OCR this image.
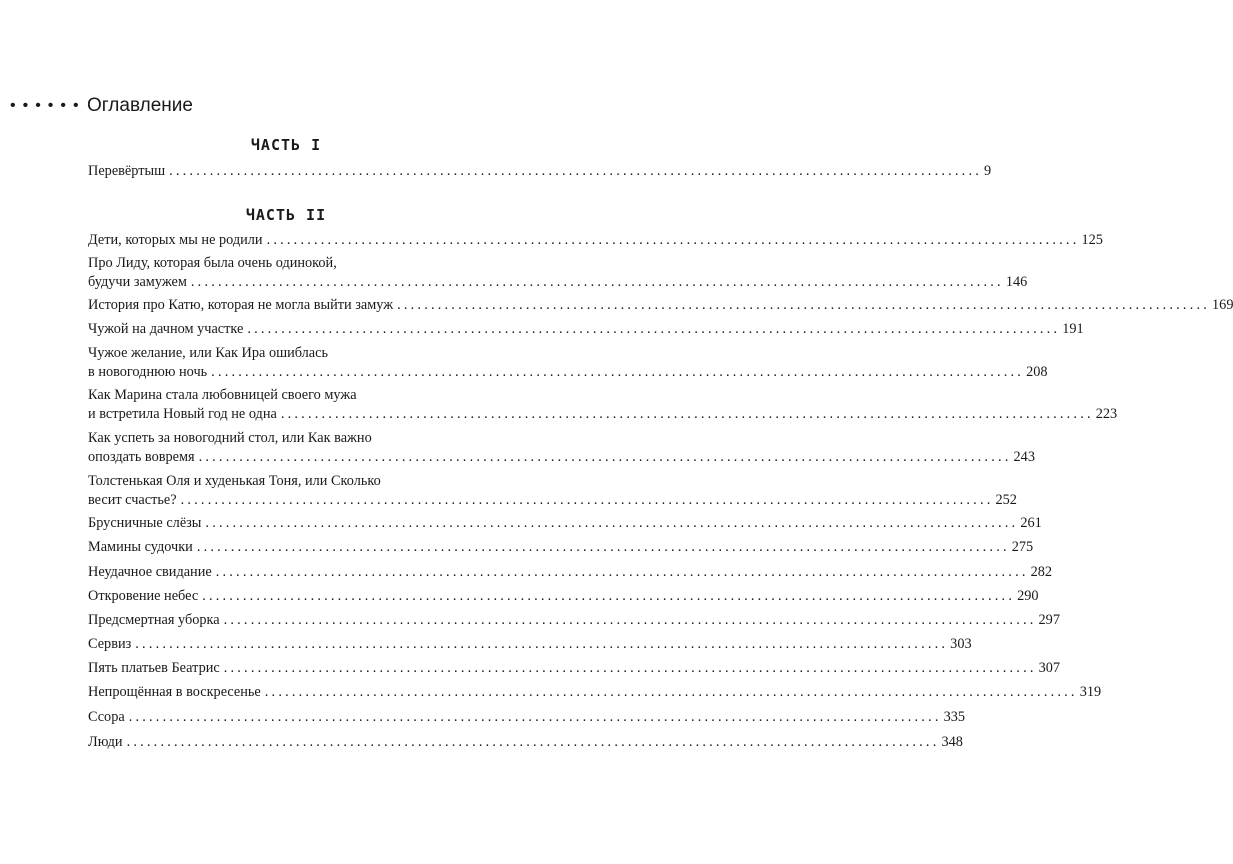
•••••• Оглавление
ЧАСТЬ I
ЧАСТЬ II
Перевёртыш ........................................................................................................................ 9
Дети, которых мы не родили ........................................................................................................................ 125
Про Лиду, которая была очень одинокой,
будучи замужем ........................................................................................................................ 146
История про Катю, которая не могла выйти замуж ........................................................................................................................ 169
Чужой на дачном участке ........................................................................................................................ 191
Чужое желание, или Как Ира ошиблась
в новогоднюю ночь ........................................................................................................................ 208
Как Марина стала любовницей своего мужа
и встретила Новый год не одна ........................................................................................................................ 223
Как успеть за новогодний стол, или Как важно
опоздать вовремя ........................................................................................................................ 243
Толстенькая Оля и худенькая Тоня, или Сколько
весит счастье? ........................................................................................................................ 252
Брусничные слёзы ........................................................................................................................ 261
Мамины судочки ........................................................................................................................ 275
Неудачное свидание ........................................................................................................................ 282
Откровение небес ........................................................................................................................ 290
Предсмертная уборка ........................................................................................................................ 297
Сервиз ........................................................................................................................ 303
Пять платьев Беатрис ........................................................................................................................ 307
Непрощённая в воскресенье ........................................................................................................................ 319
Ссора ........................................................................................................................ 335
Люди ........................................................................................................................ 348
